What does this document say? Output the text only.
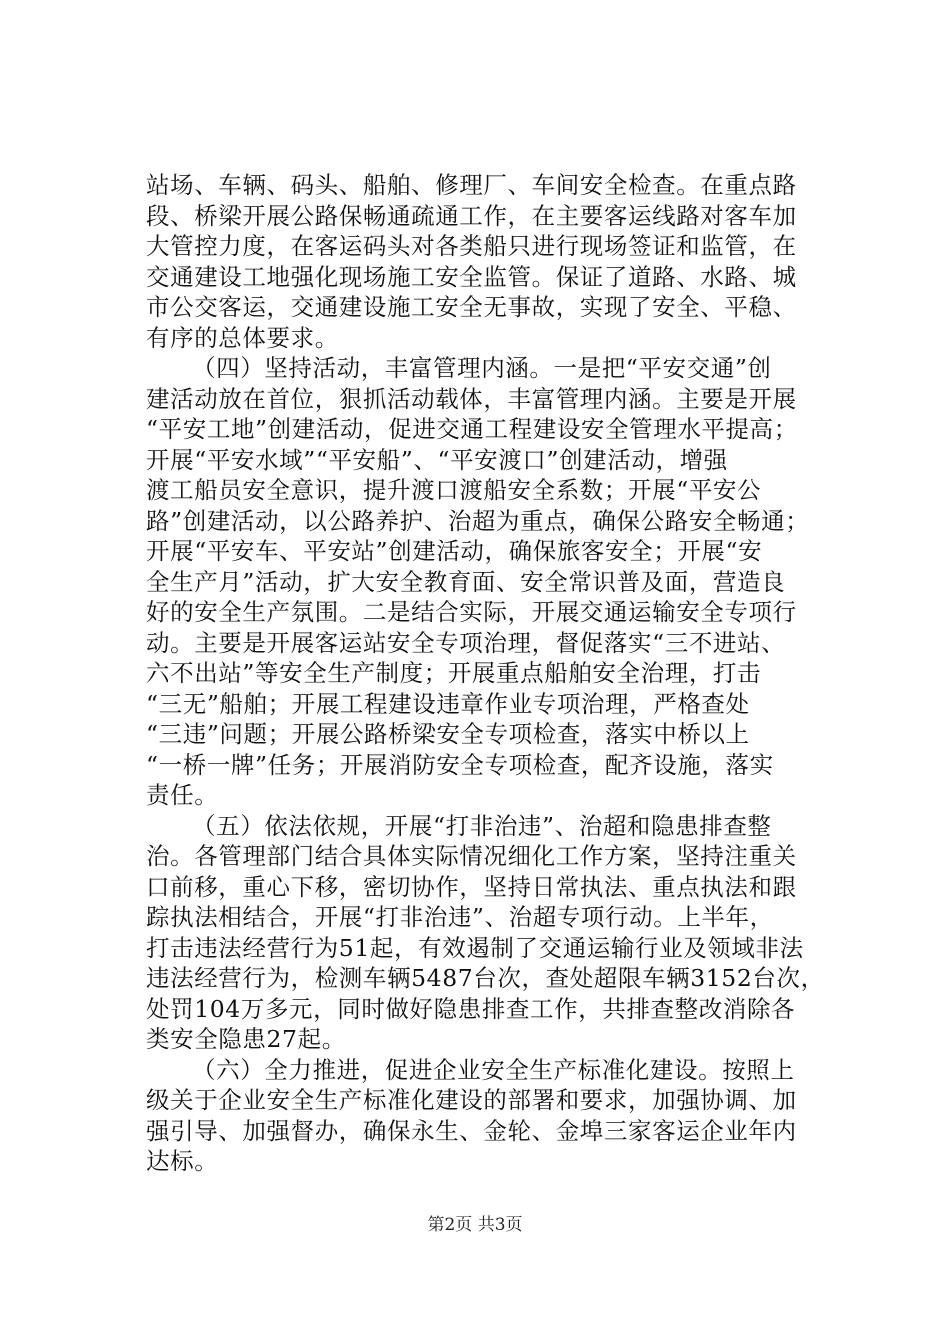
站场、车辆、码头、船舶、修理厂、车间安全检查。在重点路
段、桥梁开展公路保畅通疏通工作，在主要客运线路对客车加
大管控力度，在客运码头对各类船只进行现场签证和监管，在
交通建设工地强化现场施工安全监管。保证了道路、水路、城
市公交客运，交通建设施工安全无事故，实现了安全、平稳、
有序的总体要求。
（四）坚持活动，丰富管理内涵。一是把“平安交通”创
建活动放在首位，狠抓活动载体，丰富管理内涵。主要是开展
“平安工地”创建活动，促进交通工程建设安全管理水平提高；
开展“平安水域”“平安船”、“平安渡口”创建活动，增强
渡工船员安全意识，提升渡口渡船安全系数；开展“平安公
路”创建活动，以公路养护、治超为重点，确保公路安全畅通；
开展“平安车、平安站”创建活动，确保旅客安全；开展“安
全生产月”活动，扩大安全教育面、安全常识普及面，营造良
好的安全生产氛围。二是结合实际，开展交通运输安全专项行
动。主要是开展客运站安全专项治理，督促落实“三不进站、
六不出站”等安全生产制度；开展重点船舶安全治理，打击
“三无”船舶；开展工程建设违章作业专项治理，严格查处
“三违”问题；开展公路桥梁安全专项检查，落实中桥以上
“一桥一牌”任务；开展消防安全专项检查，配齐设施，落实
责任。
（五）依法依规，开展“打非治违”、治超和隐患排查整
治。各管理部门结合具体实际情况细化工作方案，坚持注重关
口前移，重心下移，密切协作，坚持日常执法、重点执法和跟
踪执法相结合，开展“打非治违”、治超专项行动。上半年，
打击违法经营行为51起，有效遏制了交通运输行业及领域非法
违法经营行为，检测车辆5487台次，查处超限车辆3152台次，
处罚104万多元，同时做好隐患排查工作，共排查整改消除各
类安全隐患27起。
（六）全力推进，促进企业安全生产标准化建设。按照上
级关于企业安全生产标准化建设的部署和要求，加强协调、加
强引导、加强督办，确保永生、金轮、金埠三家客运企业年内
达标。
第2页 共3页
